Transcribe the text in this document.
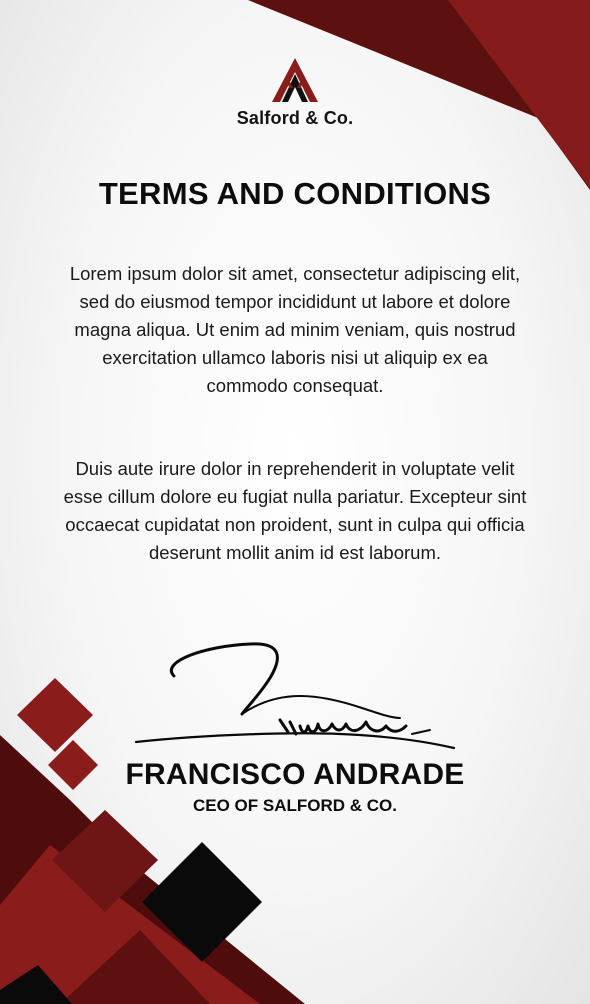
Salford & Co.
TERMS AND CONDITIONS
Lorem ipsum dolor sit amet, consectetur adipiscing elit, sed do eiusmod tempor incididunt ut labore et dolore magna aliqua. Ut enim ad minim veniam, quis nostrud exercitation ullamco laboris nisi ut aliquip ex ea commodo consequat.
Duis aute irure dolor in reprehenderit in voluptate velit esse cillum dolore eu fugiat nulla pariatur. Excepteur sint occaecat cupidatat non proident, sunt in culpa qui officia deserunt mollit anim id est laborum.
FRANCISCO ANDRADE
CEO OF SALFORD & CO.
